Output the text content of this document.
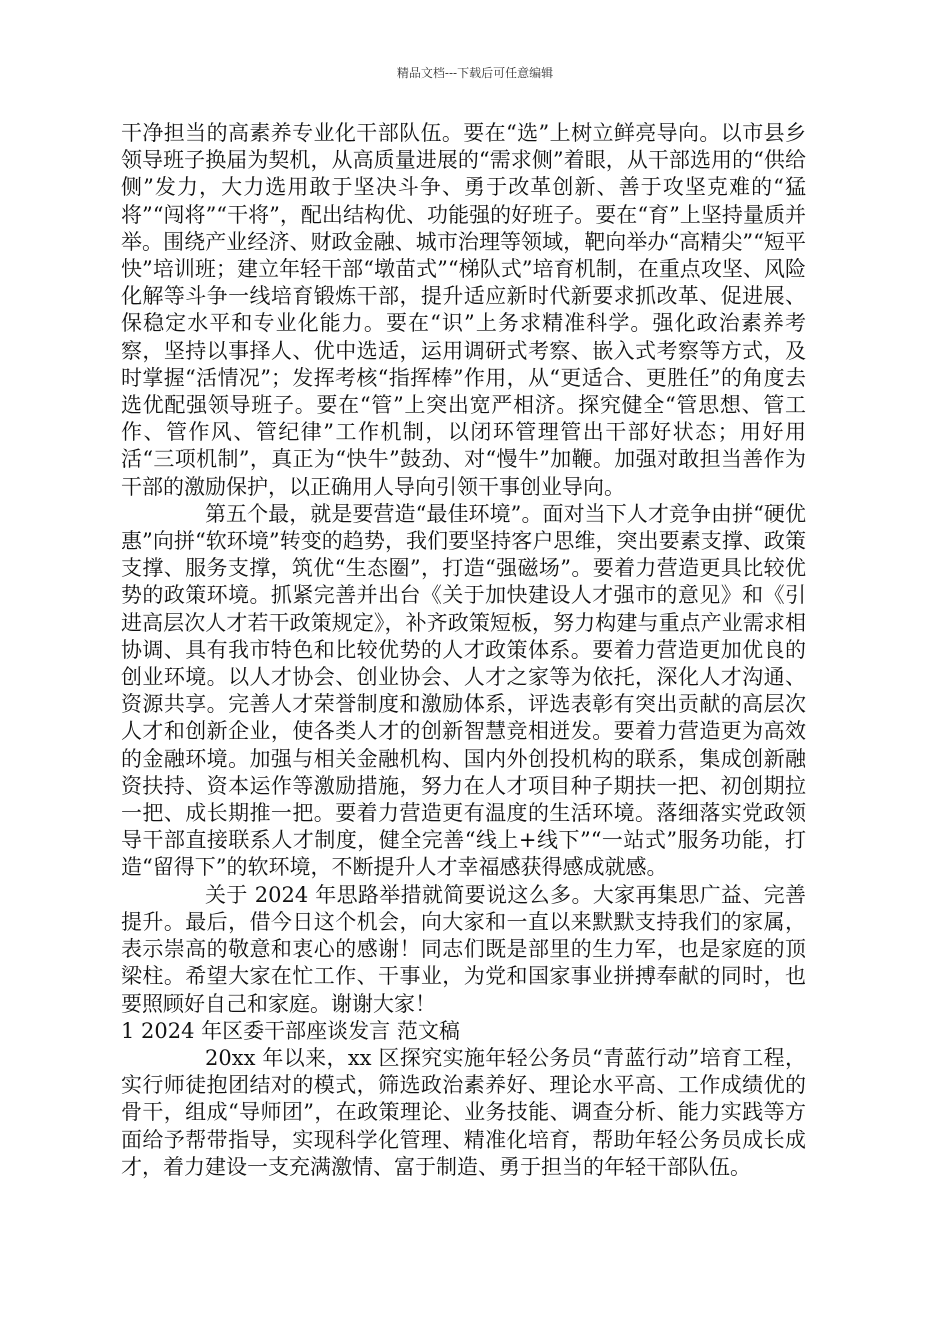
精品文档---下载后可任意编辑

干净担当的高素养专业化干部队伍。要在“选”上树立鲜亮导向。以市县乡领导班子换届为契机，从高质量进展的“需求侧”着眼，从干部选用的“供给侧”发力，大力选用敢于坚决斗争、勇于改革创新、善于攻坚克难的“猛将”“闯将”“干将”，配出结构优、功能强的好班子。要在“育”上坚持量质并举。围绕产业经济、财政金融、城市治理等领域，靶向举办“高精尖”“短平快”培训班；建立年轻干部“墩苗式”“梯队式”培育机制，在重点攻坚、风险化解等斗争一线培育锻炼干部，提升适应新时代新要求抓改革、促进展、保稳定水平和专业化能力。要在“识”上务求精准科学。强化政治素养考察，坚持以事择人、优中选适，运用调研式考察、嵌入式考察等方式，及时掌握“活情况”；发挥考核“指挥棒”作用，从“更适合、更胜任”的角度去选优配强领导班子。要在“管”上突出宽严相济。探究健全“管思想、管工作、管作风、管纪律”工作机制，以闭环管理管出干部好状态；用好用活“三项机制”，真正为“快牛”鼓劲、对“慢牛”加鞭。加强对敢担当善作为干部的激励保护，以正确用人导向引领干事创业导向。

第五个最，就是要营造“最佳环境”。面对当下人才竞争由拼“硬优惠”向拼“软环境”转变的趋势，我们要坚持客户思维，突出要素支撑、政策支撑、服务支撑，筑优“生态圈”，打造“强磁场”。要着力营造更具比较优势的政策环境。抓紧完善并出台《关于加快建设人才强市的意见》和《引进高层次人才若干政策规定》，补齐政策短板，努力构建与重点产业需求相协调、具有我市特色和比较优势的人才政策体系。要着力营造更加优良的创业环境。以人才协会、创业协会、人才之家等为依托，深化人才沟通、资源共享。完善人才荣誉制度和激励体系，评选表彰有突出贡献的高层次人才和创新企业，使各类人才的创新智慧竞相迸发。要着力营造更为高效的金融环境。加强与相关金融机构、国内外创投机构的联系，集成创新融资扶持、资本运作等激励措施，努力在人才项目种子期扶一把、初创期拉一把、成长期推一把。要着力营造更有温度的生活环境。落细落实党政领导干部直接联系人才制度，健全完善“线上+线下”“一站式”服务功能，打造“留得下”的软环境，不断提升人才幸福感获得感成就感。

关于 2024 年思路举措就简要说这么多。大家再集思广益、完善提升。最后，借今日这个机会，向大家和一直以来默默支持我们的家属，表示崇高的敬意和衷心的感谢！同志们既是部里的生力军，也是家庭的顶梁柱。希望大家在忙工作、干事业，为党和国家事业拼搏奉献的同时，也要照顾好自己和家庭。谢谢大家！

1 2024 年区委干部座谈发言 范文稿

20xx 年以来，xx 区探究实施年轻公务员“青蓝行动”培育工程，实行师徒抱团结对的模式，筛选政治素养好、理论水平高、工作成绩优的骨干，组成“导师团”，在政策理论、业务技能、调查分析、能力实践等方面给予帮带指导，实现科学化管理、精准化培育，帮助年轻公务员成长成才，着力建设一支充满激情、富于制造、勇于担当的年轻干部队伍。
